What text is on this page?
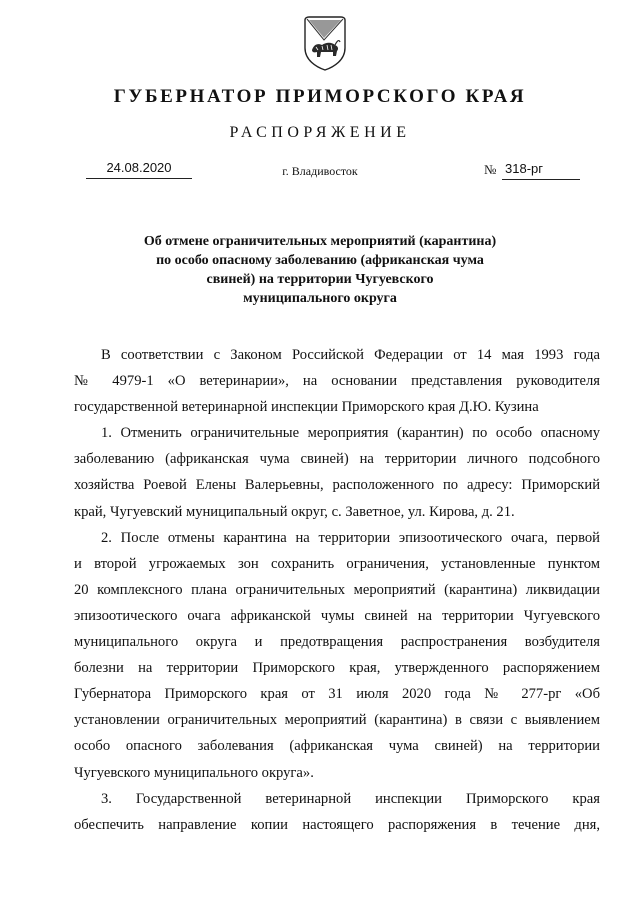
ГУБЕРНАТОР ПРИМОРСКОГО КРАЯ
РАСПОРЯЖЕНИЕ
24.08.2020	г. Владивосток	№ 318-рг
Об отмене ограничительных мероприятий (карантина)
по особо опасному заболеванию (африканская чума
свиней) на территории Чугуевского
муниципального округа
В соответствии с Законом Российской Федерации от 14 мая 1993 года
№ 4979-1 «О ветеринарии», на основании представления руководителя
государственной ветеринарной инспекции Приморского края Д.Ю. Кузина
1. Отменить ограничительные мероприятия (карантин) по особо опасному
заболеванию (африканская чума свиней) на территории личного подсобного
хозяйства Роевой Елены Валерьевны, расположенного по адресу: Приморский
край, Чугуевский муниципальный округ, с. Заветное, ул. Кирова, д. 21.
2. После отмены карантина на территории эпизоотического очага, первой
и второй угрожаемых зон сохранить ограничения, установленные пунктом
20 комплексного плана ограничительных мероприятий (карантина) ликвидации
эпизоотического очага африканской чумы свиней на территории Чугуевского
муниципального округа и предотвращения распространения возбудителя
болезни на территории Приморского края, утвержденного распоряжением
Губернатора Приморского края от 31 июля 2020 года № 277-рг «Об
установлении ограничительных мероприятий (карантина) в связи с выявлением
особо опасного заболевания (африканская чума свиней) на территории
Чугуевского муниципального округа».
3. Государственной ветеринарной инспекции Приморского края
обеспечить направление копии настоящего распоряжения в течение дня,
